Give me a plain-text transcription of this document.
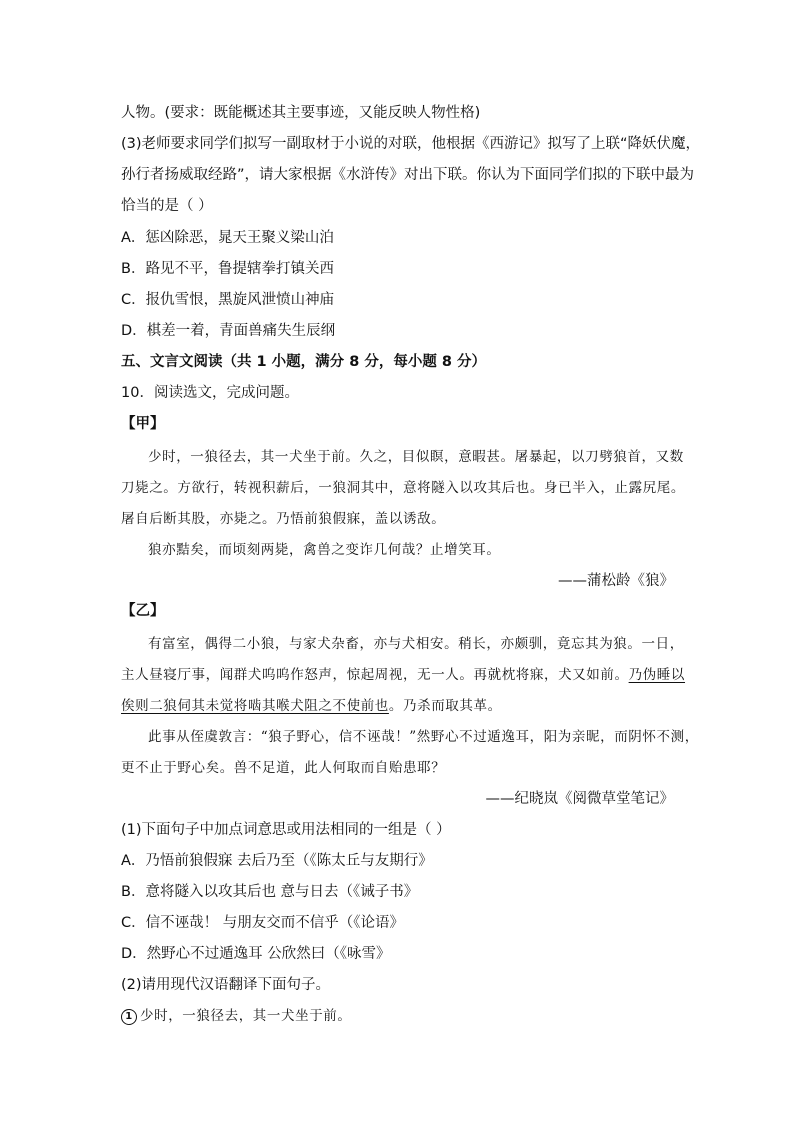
人物。(要求：既能概述其主要事迹，又能反映人物性格)
(3)老师要求同学们拟写一副取材于小说的对联，他根据《西游记》拟写了上联“降妖伏魔，
孙行者扬威取经路”，请大家根据《水浒传》对出下联。你认为下面同学们拟的下联中最为
恰当的是（ ）
A．惩凶除恶，晁天王聚义梁山泊
B．路见不平，鲁提辖拳打镇关西
C．报仇雪恨，黑旋风泄愤山神庙
D．棋差一着，青面兽痛失生辰纲
五、文言文阅读（共 1 小题，满分 8 分，每小题 8 分）
10．阅读选文，完成问题。
【甲】
少时，一狼径去，其一犬坐于前。久之，目似瞑，意暇甚。屠暴起，以刀劈狼首，又数
刀毙之。方欲行，转视积薪后，一狼洞其中，意将隧入以攻其后也。身已半入，止露尻尾。
屠自后断其股，亦毙之。乃悟前狼假寐，盖以诱敌。
狼亦黠矣，而顷刻两毙，禽兽之变诈几何哉？止增笑耳。
——蒲松龄《狼》
【乙】
有富室，偶得二小狼，与家犬杂畜，亦与犬相安。稍长，亦颇驯，竟忘其为狼。一日，
主人昼寝厅事，闻群犬呜呜作怒声，惊起周视，无一人。再就枕将寐，犬又如前。乃伪睡以
俟则二狼伺其未觉将啮其喉犬阻之不使前也。乃杀而取其革。
此事从侄虞敦言：“狼子野心，信不诬哉！”然野心不过遁逸耳，阳为亲昵，而阴怀不测，
更不止于野心矣。兽不足道，此人何取而自贻患耶？
——纪晓岚《阅微草堂笔记》
(1)下面句子中加点词意思或用法相同的一组是（ ）
A．乃悟前狼假寐 去后乃至（《陈太丘与友期行》
B．意将隧入以攻其后也 意与日去（《诫子书》
C．信不诬哉！ 与朋友交而不信乎（《论语》
D．然野心不过遁逸耳 公欣然曰（《咏雪》
(2)请用现代汉语翻译下面句子。
1 少时，一狼径去，其一犬坐于前。
